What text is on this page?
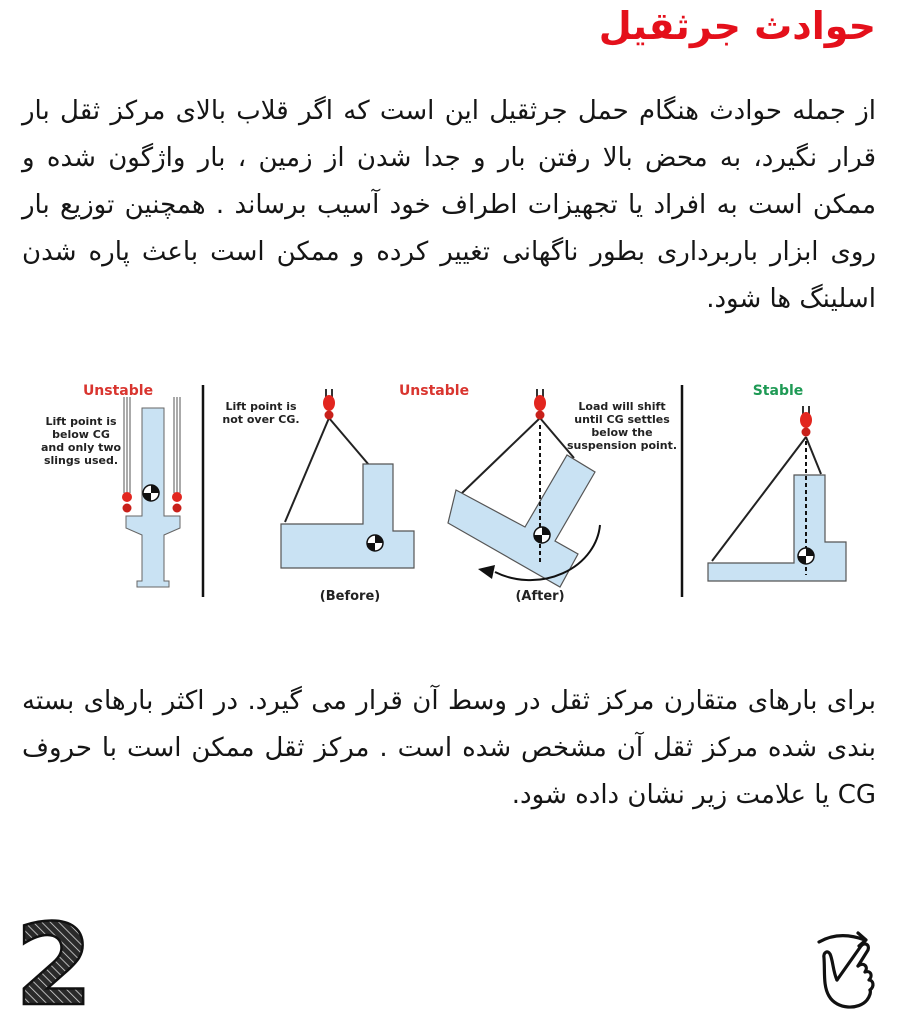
حوادث جرثقیل

از جمله حوادث هنگام حمل جرثقیل این است که اگر قلاب بالای مرکز ثقل بار قرار نگیرد، به محض بالا رفتن بار و جدا شدن از زمین ، بار واژگون شده و ممکن است به افراد یا تجهیزات اطراف خود آسیب برساند . همچنین توزیع بار روی ابزار باربرداری بطور ناگهانی تغییر کرده و ممکن است باعث پاره شدن اسلینگ ها شود.

Unstable
Lift point is
below CG
and only two
slings used.
Lift point is
not over CG.
(Before)
Unstable
Load will shift
until CG settles
below the
suspension point.
(After)
Stable

برای بارهای متقارن مرکز ثقل در وسط آن قرار می گیرد. در اکثر بارهای بسته بندی شده مرکز ثقل آن مشخص شده است . مرکز ثقل ممکن است با حروف CG یا علامت زیر نشان داده شود.

2
